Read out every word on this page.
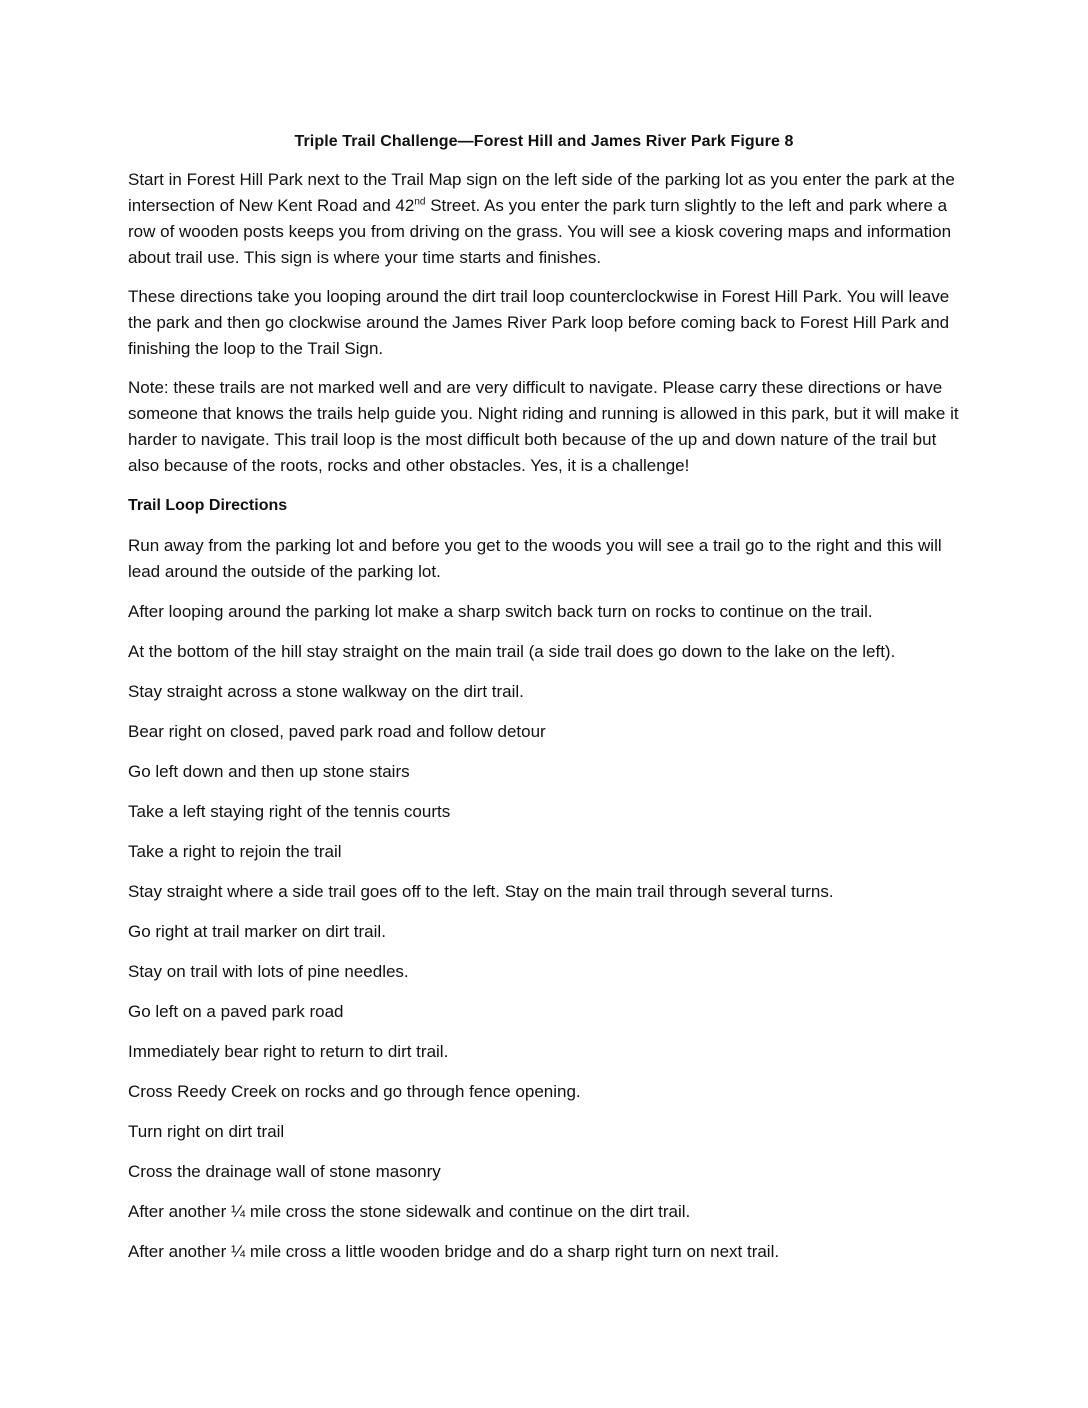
Triple Trail Challenge—Forest Hill and James River Park Figure 8

Start in Forest Hill Park next to the Trail Map sign on the left side of the parking lot as you enter the park at the intersection of New Kent Road and 42nd Street. As you enter the park turn slightly to the left and park where a row of wooden posts keeps you from driving on the grass. You will see a kiosk covering maps and information about trail use. This sign is where your time starts and finishes.

These directions take you looping around the dirt trail loop counterclockwise in Forest Hill Park. You will leave the park and then go clockwise around the James River Park loop before coming back to Forest Hill Park and finishing the loop to the Trail Sign.

Note: these trails are not marked well and are very difficult to navigate. Please carry these directions or have someone that knows the trails help guide you. Night riding and running is allowed in this park, but it will make it harder to navigate. This trail loop is the most difficult both because of the up and down nature of the trail but also because of the roots, rocks and other obstacles. Yes, it is a challenge!

Trail Loop Directions
Run away from the parking lot and before you get to the woods you will see a trail go to the right and this will lead around the outside of the parking lot.
After looping around the parking lot make a sharp switch back turn on rocks to continue on the trail.
At the bottom of the hill stay straight on the main trail (a side trail does go down to the lake on the left).
Stay straight across a stone walkway on the dirt trail.
Bear right on closed, paved park road and follow detour
Go left down and then up stone stairs
Take a left staying right of the tennis courts
Take a right to rejoin the trail
Stay straight where a side trail goes off to the left. Stay on the main trail through several turns.
Go right at trail marker on dirt trail.
Stay on trail with lots of pine needles.
Go left on a paved park road
Immediately bear right to return to dirt trail.
Cross Reedy Creek on rocks and go through fence opening.
Turn right on dirt trail
Cross the drainage wall of stone masonry
After another ¼ mile cross the stone sidewalk and continue on the dirt trail.
After another ¼ mile cross a little wooden bridge and do a sharp right turn on next trail.
